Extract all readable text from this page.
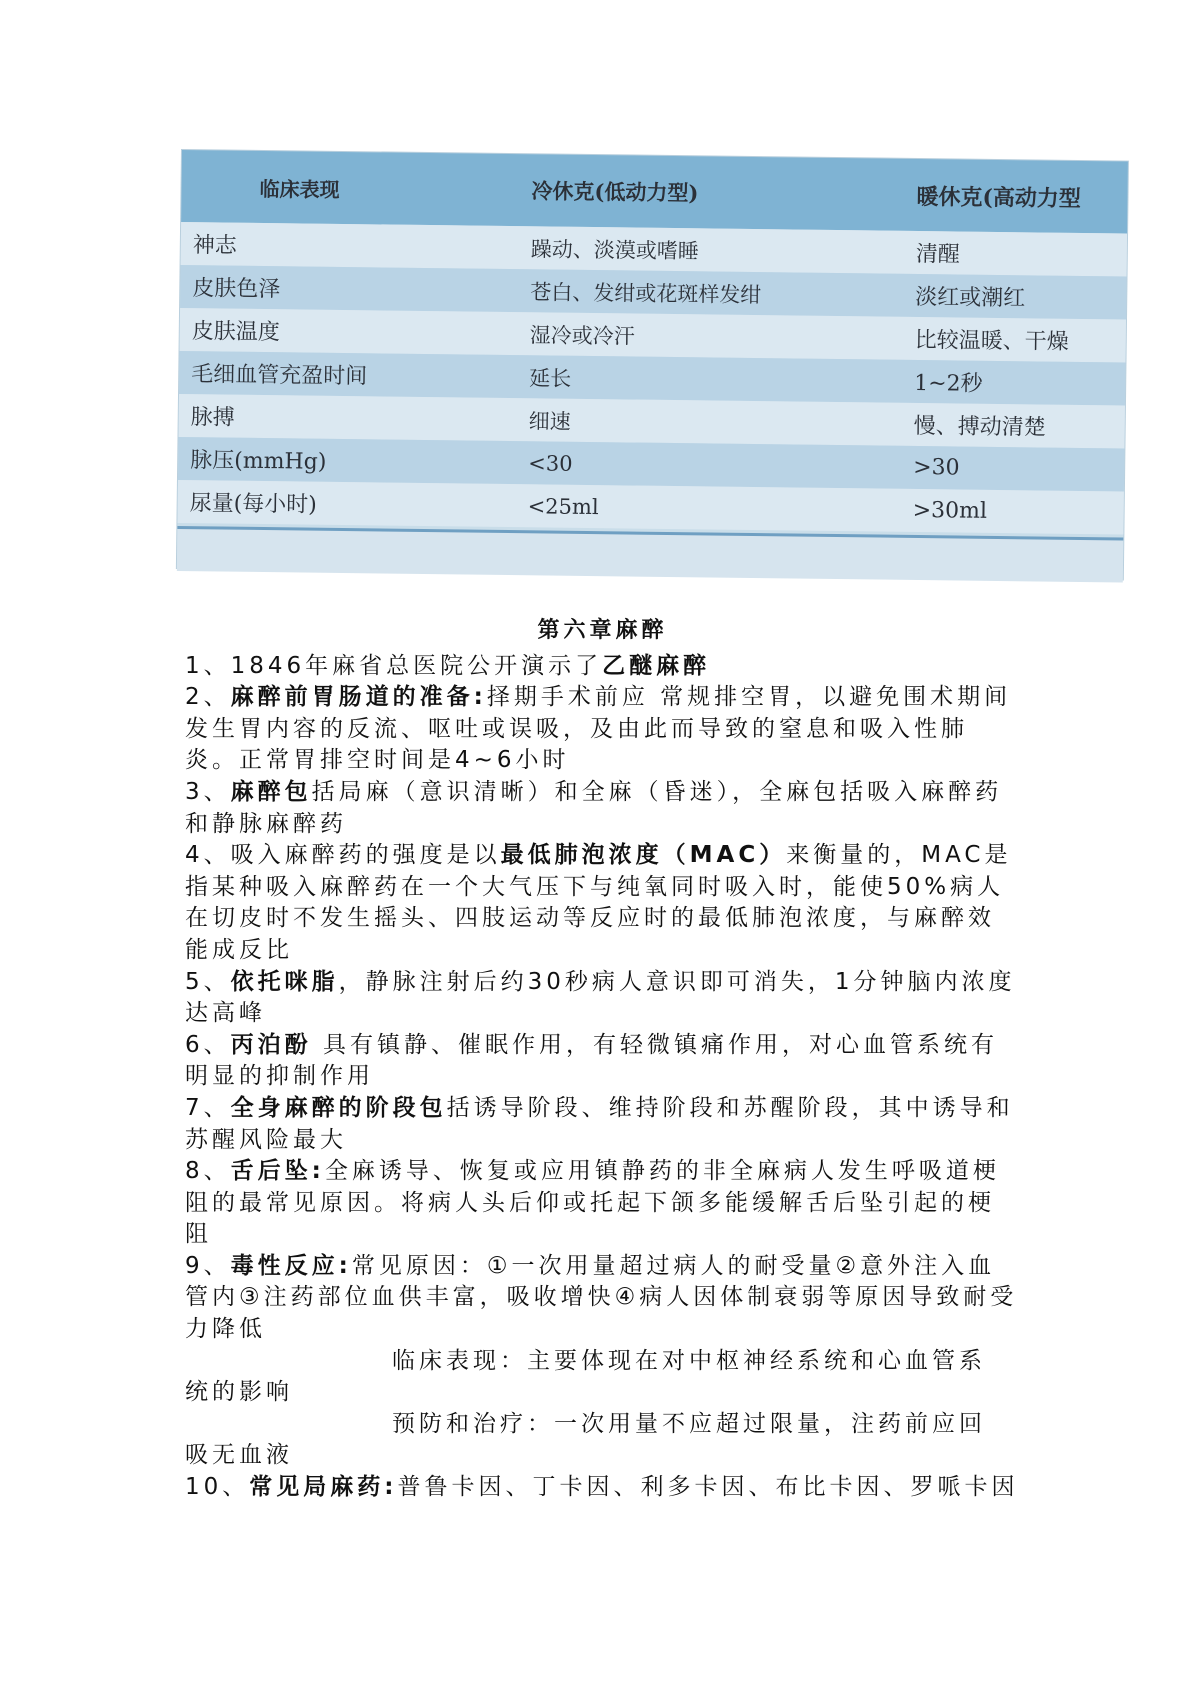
临床表现	冷休克(低动力型)	暖休克(高动力型
神志	躁动、淡漠或嗜睡	清醒
皮肤色泽	苍白、发绀或花斑样发绀	淡红或潮红
皮肤温度	湿冷或冷汗	比较温暖、干燥
毛细血管充盈时间	延长	1~2秒
脉搏	细速	慢、搏动清楚
脉压(mmHg)	<30	>30
尿量(每小时)	<25ml	>30ml
第六章麻醉

1、1846年麻省总医院公开演示了乙醚麻醉

2、麻醉前胃肠道的准备:择期手术前应 常规排空胃，以避免围术期间发生胃内容的反流、呕吐或误吸，及由此而导致的窒息和吸入性肺炎。正常胃排空时间是4~6小时

3、麻醉包括局麻（意识清晰）和全麻（昏迷），全麻包括吸入麻醉药和静脉麻醉药

4、吸入麻醉药的强度是以最低肺泡浓度（MAC）来衡量的，MAC是指某种吸入麻醉药在一个大气压下与纯氧同时吸入时，能使50%病人在切皮时不发生摇头、四肢运动等反应时的最低肺泡浓度，与麻醉效能成反比

5、依托咪脂，静脉注射后约30秒病人意识即可消失，1分钟脑内浓度达高峰

6、丙泊酚 具有镇静、催眠作用，有轻微镇痛作用，对心血管系统有明显的抑制作用

7、全身麻醉的阶段包括诱导阶段、维持阶段和苏醒阶段，其中诱导和苏醒风险最大

8、舌后坠:全麻诱导、恢复或应用镇静药的非全麻病人发生呼吸道梗阻的最常见原因。将病人头后仰或托起下颌多能缓解舌后坠引起的梗阻

9、毒性反应:常见原因：①一次用量超过病人的耐受量②意外注入血管内③注药部位血供丰富，吸收增快④病人因体制衰弱等原因导致耐受力降低

临床表现：主要体现在对中枢神经系统和心血管系

统的影响

预防和治疗：一次用量不应超过限量，注药前应回

吸无血液

10、常见局麻药:普鲁卡因、丁卡因、利多卡因、布比卡因、罗哌卡因
